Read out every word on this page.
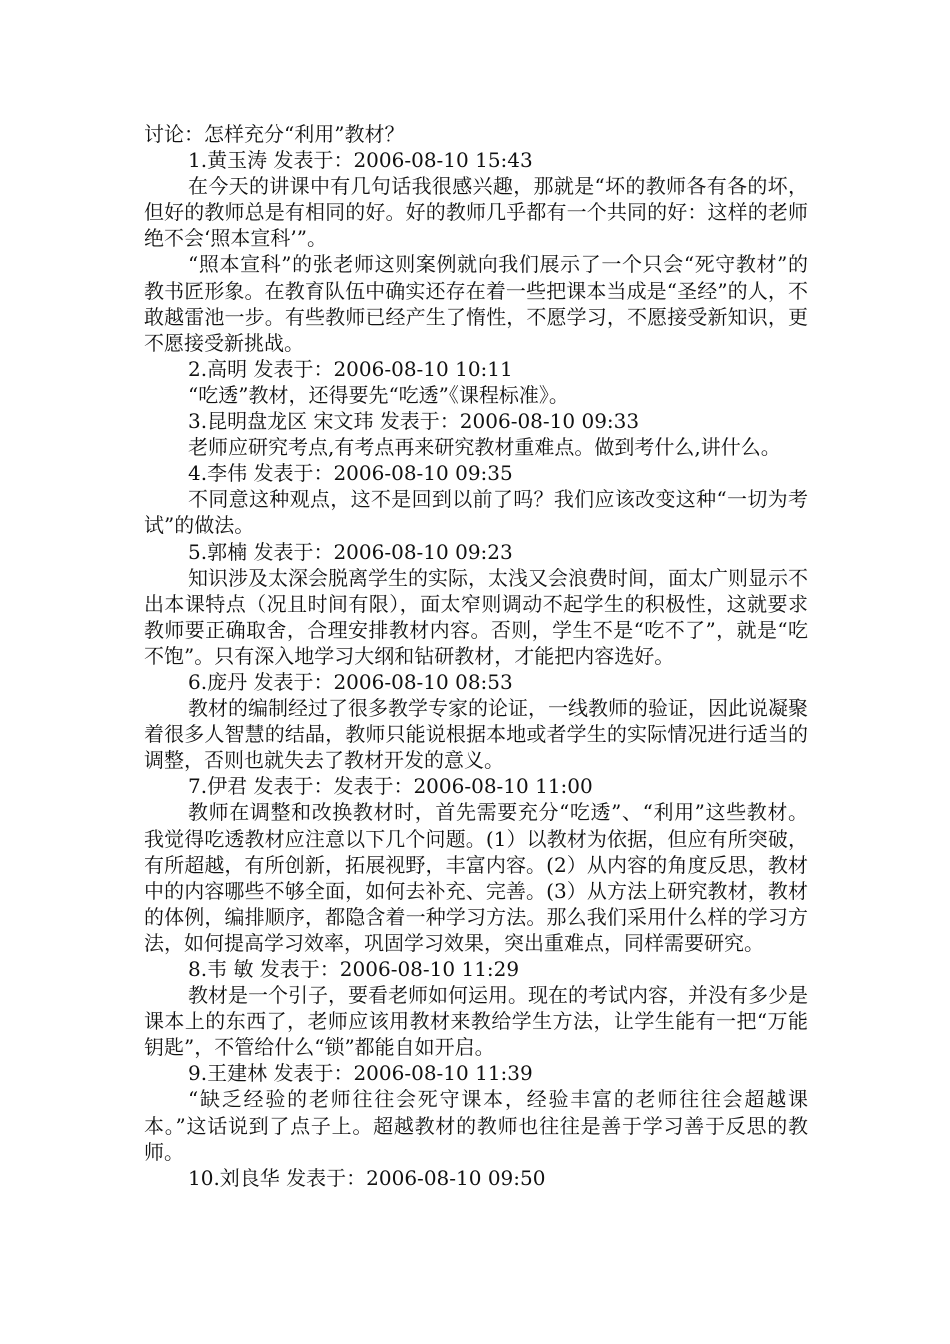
讨论：怎样充分“利用”教材？

1.黄玉涛 发表于：2006-08-10 15:43

在今天的讲课中有几句话我很感兴趣，那就是“坏的教师各有各的坏，但好的教师总是有相同的好。好的教师几乎都有一个共同的好：这样的老师绝不会‘照本宣科’”。

“照本宣科”的张老师这则案例就向我们展示了一个只会“死守教材”的教书匠形象。在教育队伍中确实还存在着一些把课本当成是“圣经”的人，不敢越雷池一步。有些教师已经产生了惰性，不愿学习，不愿接受新知识，更不愿接受新挑战。

2.高明 发表于：2006-08-10 10:11

“吃透”教材，还得要先“吃透”《课程标准》。

3.昆明盘龙区 宋文玮 发表于：2006-08-10 09:33

老师应研究考点,有考点再来研究教材重难点。做到考什么,讲什么。

4.李伟 发表于：2006-08-10 09:35

不同意这种观点，这不是回到以前了吗？我们应该改变这种“一切为考试”的做法。

5.郭楠 发表于：2006-08-10 09:23

知识涉及太深会脱离学生的实际，太浅又会浪费时间，面太广则显示不出本课特点（况且时间有限），面太窄则调动不起学生的积极性，这就要求教师要正确取舍，合理安排教材内容。否则，学生不是“吃不了”，就是“吃不饱”。只有深入地学习大纲和钻研教材，才能把内容选好。

6.庞丹 发表于：2006-08-10 08:53

教材的编制经过了很多教学专家的论证，一线教师的验证，因此说凝聚着很多人智慧的结晶，教师只能说根据本地或者学生的实际情况进行适当的调整，否则也就失去了教材开发的意义。

7.伊君 发表于：发表于：2006-08-10 11:00

教师在调整和改换教材时，首先需要充分“吃透”、“利用”这些教材。我觉得吃透教材应注意以下几个问题。(1）以教材为依据，但应有所突破，有所超越，有所创新，拓展视野，丰富内容。(2）从内容的角度反思，教材中的内容哪些不够全面，如何去补充、完善。(3）从方法上研究教材，教材的体例，编排顺序，都隐含着一种学习方法。那么我们采用什么样的学习方法，如何提高学习效率，巩固学习效果，突出重难点，同样需要研究。

8.韦 敏 发表于：2006-08-10 11:29

教材是一个引子，要看老师如何运用。现在的考试内容，并没有多少是课本上的东西了，老师应该用教材来教给学生方法，让学生能有一把“万能钥匙”，不管给什么“锁”都能自如开启。

9.王建林 发表于：2006-08-10 11:39

“缺乏经验的老师往往会死守课本，经验丰富的老师往往会超越课本。”这话说到了点子上。超越教材的教师也往往是善于学习善于反思的教师。

10.刘良华 发表于：2006-08-10 09:50
